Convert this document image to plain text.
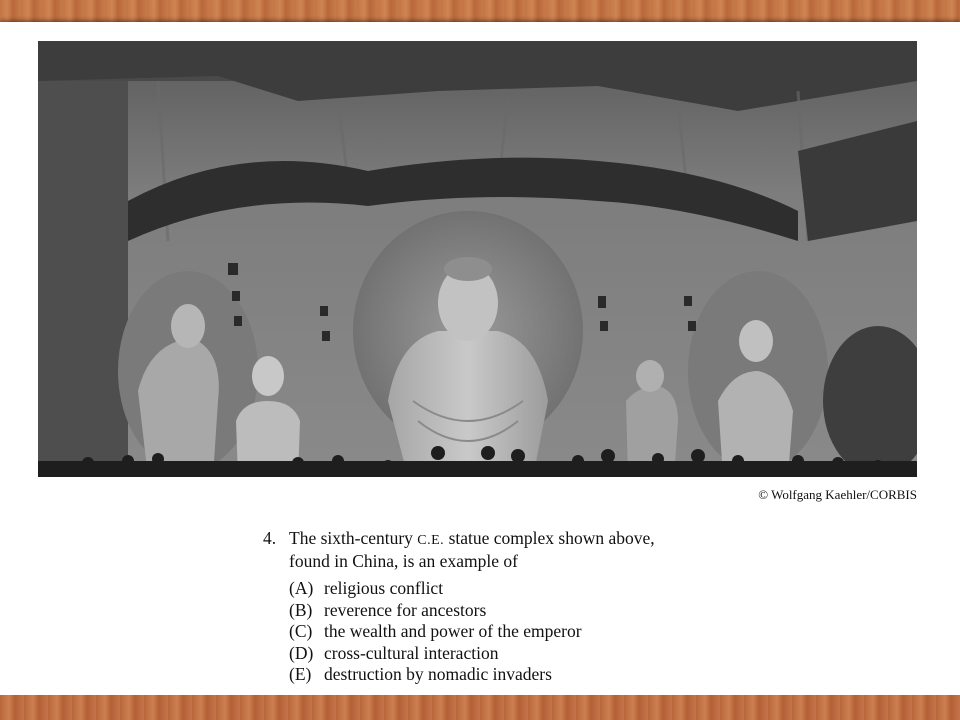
© Wolfgang Kaehler/CORBIS
4. The sixth-century C.E. statue complex shown above,
found in China, is an example of
(A) religious conflict
(B) reverence for ancestors
(C) the wealth and power of the emperor
(D) cross-cultural interaction
(E) destruction by nomadic invaders
